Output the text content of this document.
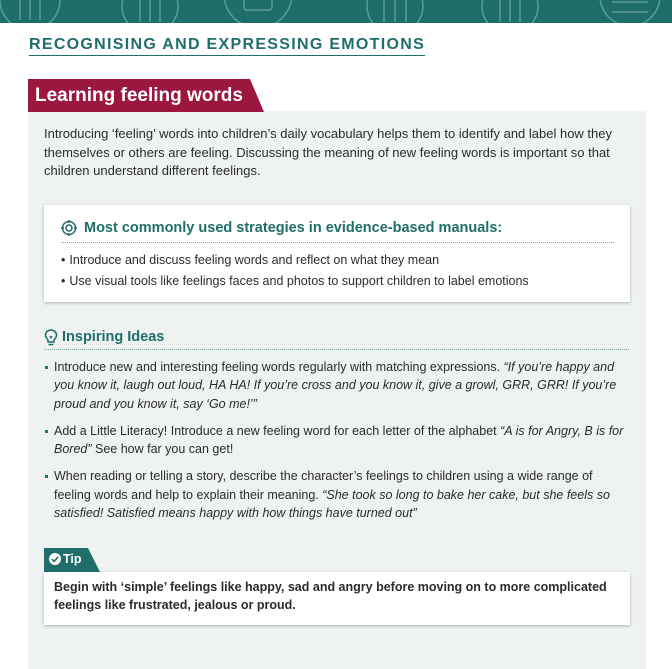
RECOGNISING AND EXPRESSING EMOTIONS
Learning feeling words

Introducing ‘feeling’ words into children’s daily vocabulary helps them to identify and label how they themselves or others are feeling. Discussing the meaning of new feeling words is important so that children understand different feelings.

Most commonly used strategies in evidence-based manuals:
• Introduce and discuss feeling words and reflect on what they mean
• Use visual tools like feelings faces and photos to support children to label emotions
Inspiring Ideas
Introduce new and interesting feeling words regularly with matching expressions. “If you’re happy and you know it, laugh out loud, HA HA! If you’re cross and you know it, give a growl, GRR, GRR! If you’re proud and you know it, say ‘Go me!’”
Add a Little Literacy! Introduce a new feeling word for each letter of the alphabet “A is for Angry, B is for Bored” See how far you can get!
When reading or telling a story, describe the character’s feelings to children using a wide range of feeling words and help to explain their meaning. “She took so long to bake her cake, but she feels so satisfied! Satisfied means happy with how things have turned out”
Tip

Begin with ‘simple’ feelings like happy, sad and angry before moving on to more complicated feelings like frustrated, jealous or proud.
